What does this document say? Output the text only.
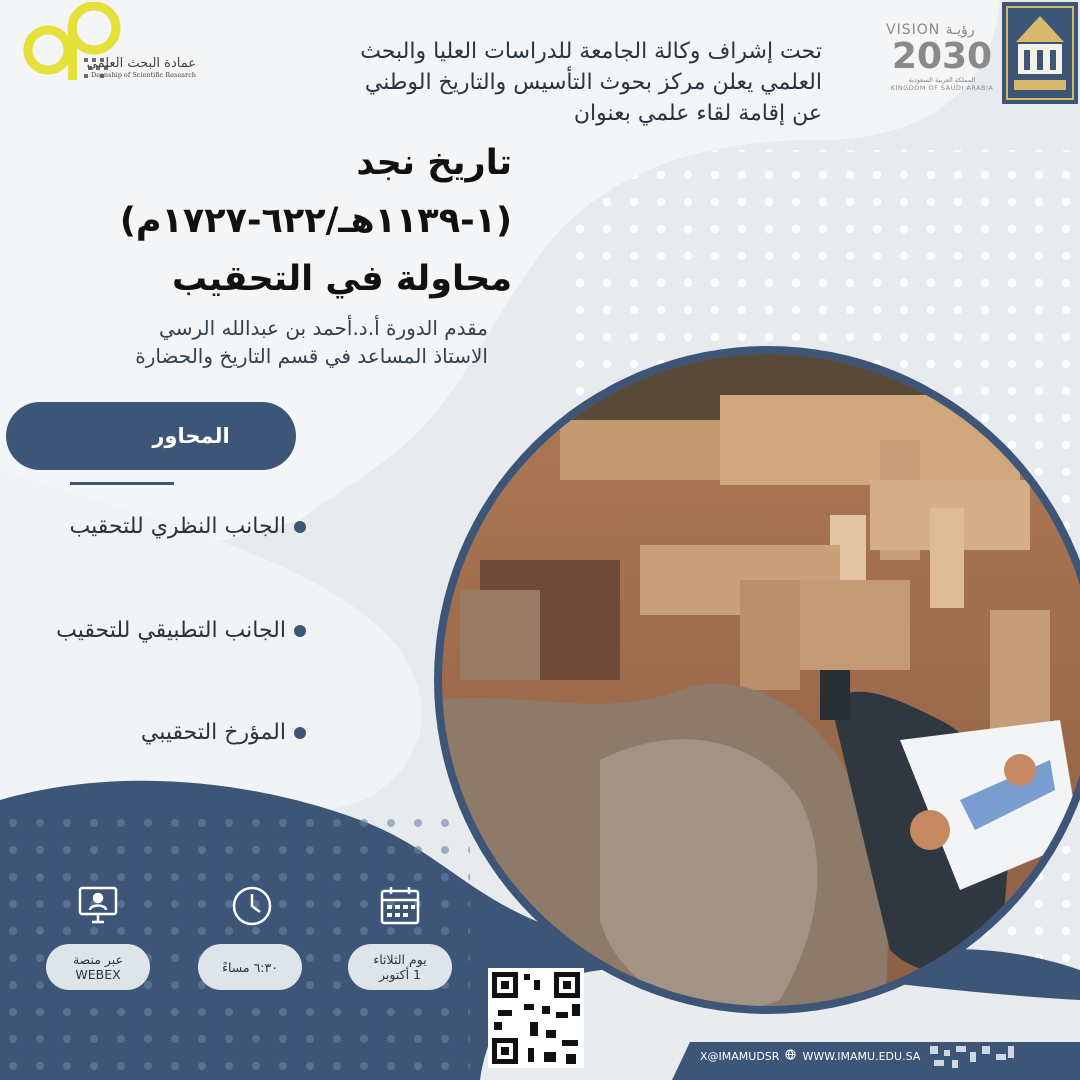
VISION رؤيـة
2030
المملكة العربية السعودية
KINGDOM OF SAUDI ARABIA
عمادة البحث العلمي
Deanship of Scientific Research
تحت إشراف وكالة الجامعة للدراسات العليا والبحث
العلمي يعلن مركز بحوث التأسيس والتاريخ الوطني
عن إقامة لقاء علمي بعنوان
تاريخ نجد
(١-١١٣٩هـ/٦٢٢-١٧٢٧م)
محاولة في التحقيب
مقدم الدورة أ.د.أحمد بن عبدالله الرسي
الاستاذ المساعد في قسم التاريخ والحضارة
المحاور
الجانب النظري للتحقيب
الجانب التطبيقي للتحقيب
المؤرخ التحقيبي
عبر منصة
WEBEX	٦:٣٠ مساءً	يوم الثلاثاء
1 أكتوبر
X@IMAMUDSR WWW.IMAMU.EDU.SA
